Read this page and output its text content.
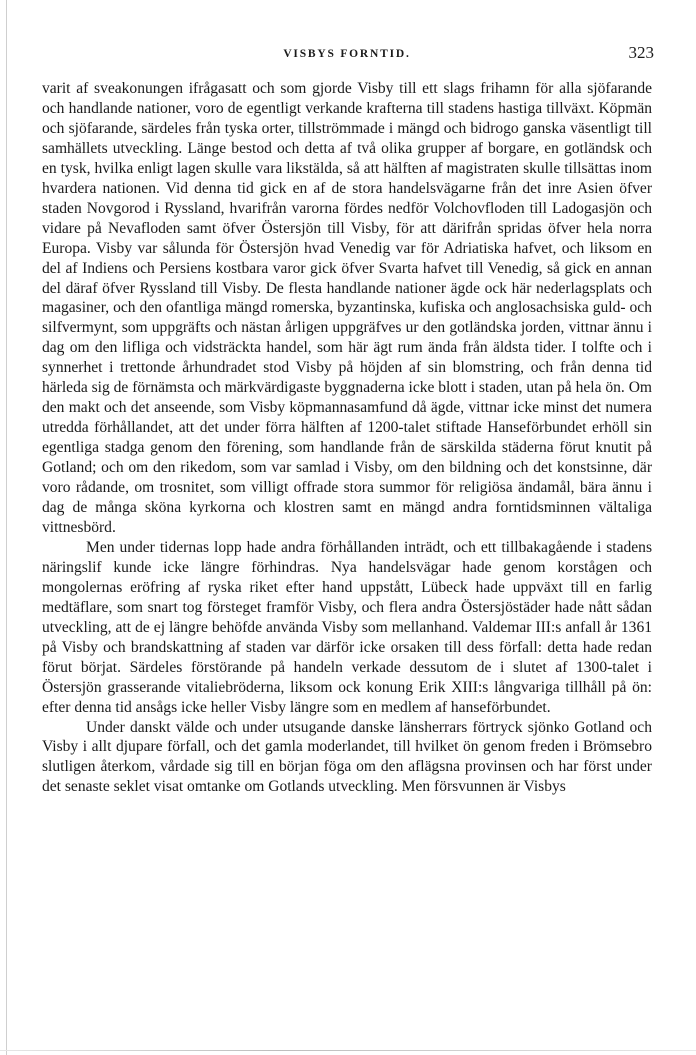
VISBYS FORNTID.	323

varit af sveakonungen ifrågasatt och som gjorde Visby till ett slags frihamn för alla sjöfarande och handlande nationer, voro de egentligt verkande krafterna till stadens hastiga tillväxt. Köpmän och sjöfarande, särdeles från tyska orter, tillströmmade i mängd och bidrogo ganska väsentligt till samhällets utveckling. Länge bestod och detta af två olika grupper af borgare, en gotländsk och en tysk, hvilka enligt lagen skulle vara likstälda, så att hälften af magistraten skulle tillsättas inom hvardera nationen. Vid denna tid gick en af de stora handelsvägarne från det inre Asien öfver staden Novgorod i Ryssland, hvarifrån varorna fördes nedför Volchovfloden till Ladogasjön och vidare på Nevafloden samt öfver Östersjön till Visby, för att därifrån spridas öfver hela norra Europa. Visby var sålunda för Östersjön hvad Venedig var för Adriatiska hafvet, och liksom en del af Indiens och Persiens kostbara varor gick öfver Svarta hafvet till Venedig, så gick en annan del däraf öfver Ryssland till Visby. De flesta handlande nationer ägde ock här nederlagsplats och magasiner, och den ofantliga mängd romerska, byzantinska, kufiska och anglosachsiska guld- och silfvermynt, som uppgräfts och nästan årligen uppgräfves ur den gotländska jorden, vittnar ännu i dag om den lifliga och vidsträckta handel, som här ägt rum ända från äldsta tider. I tolfte och i synnerhet i trettonde århundradet stod Visby på höjden af sin blomstring, och från denna tid härleda sig de förnämsta och märkvärdigaste byggnaderna icke blott i staden, utan på hela ön. Om den makt och det anseende, som Visby köpmannasamfund då ägde, vittnar icke minst det numera utredda förhållandet, att det under förra hälften af 1200-talet stiftade Hanseförbundet erhöll sin egentliga stadga genom den förening, som handlande från de särskilda städerna förut knutit på Gotland; och om den rikedom, som var samlad i Visby, om den bildning och det konstsinne, där voro rådande, om trosnitet, som villigt offrade stora summor för religiösa ändamål, bära ännu i dag de många sköna kyrkorna och klostren samt en mängd andra forntidsminnen vältaliga vittnesbörd.

Men under tidernas lopp hade andra förhållanden inträdt, och ett tillbakagående i stadens näringslif kunde icke längre förhindras. Nya handelsvägar hade genom korstågen och mongolernas eröfring af ryska riket efter hand uppstått, Lübeck hade uppväxt till en farlig medtäflare, som snart tog försteget framför Visby, och flera andra Östersjöstäder hade nått sådan utveckling, att de ej längre behöfde använda Visby som mellanhand. Valdemar III:s anfall år 1361 på Visby och brandskattning af staden var därför icke orsaken till dess förfall: detta hade redan förut börjat. Särdeles förstörande på handeln verkade dessutom de i slutet af 1300-talet i Östersjön grasserande vitaliebröderna, liksom ock konung Erik XIII:s långvariga tillhåll på ön: efter denna tid ansågs icke heller Visby längre som en medlem af hanseförbundet.

Under danskt välde och under utsugande danske länsherrars förtryck sjönko Gotland och Visby i allt djupare förfall, och det gamla moderlandet, till hvilket ön genom freden i Brömsebro slutligen återkom, vårdade sig till en början föga om den aflägsna provinsen och har först under det senaste seklet visat omtanke om Gotlands utveckling. Men försvunnen är Visbys
